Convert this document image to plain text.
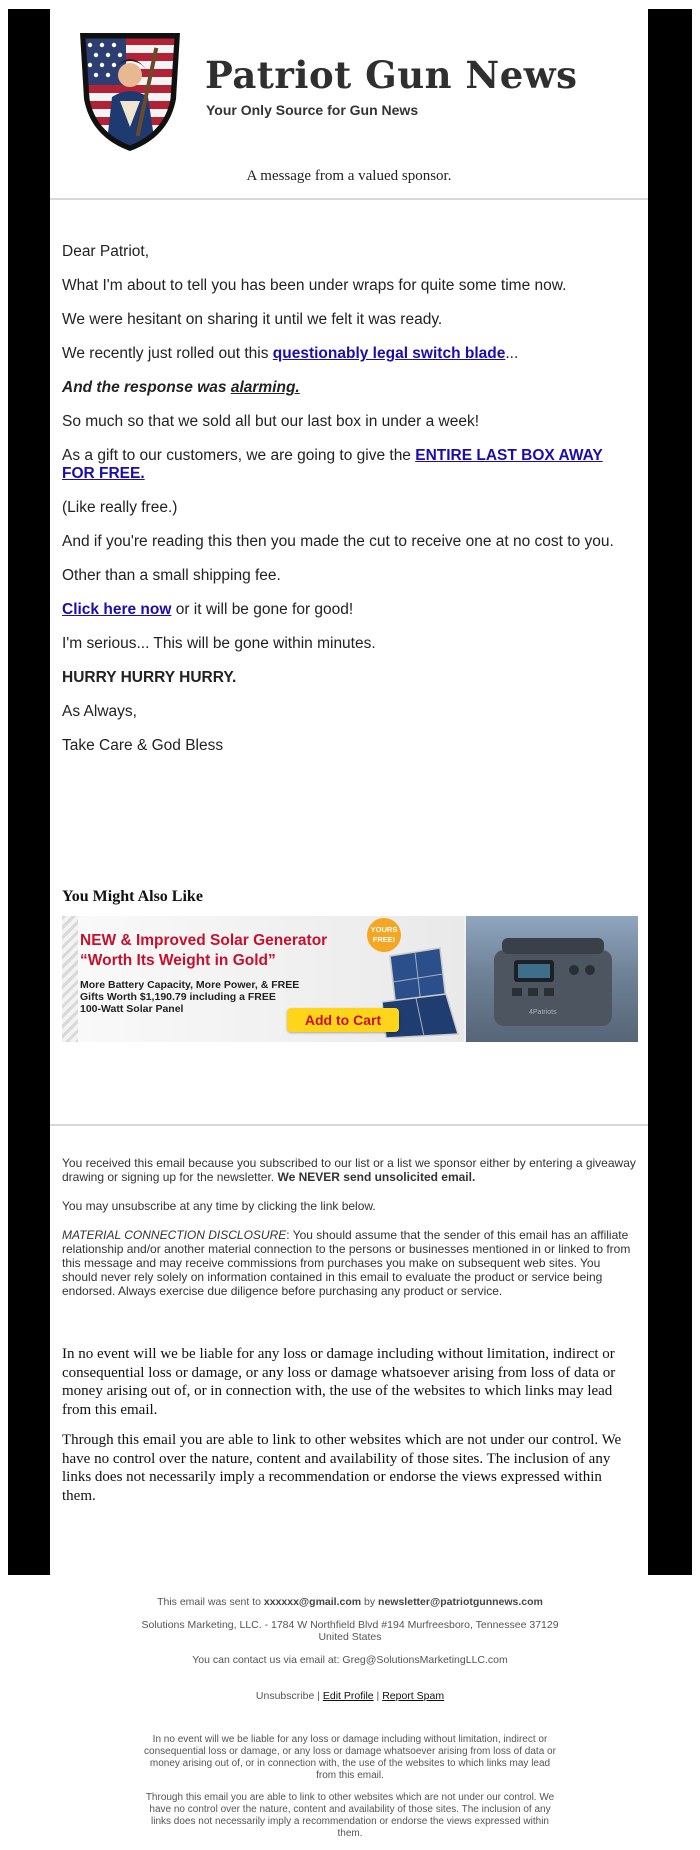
Patriot Gun News
Your Only Source for Gun News
A message from a valued sponsor.

Dear Patriot,

What I'm about to tell you has been under wraps for quite some time now.

We were hesitant on sharing it until we felt it was ready.

We recently just rolled out this questionably legal switch blade...

And the response was alarming.

So much so that we sold all but our last box in under a week!

As a gift to our customers, we are going to give the ENTIRE LAST BOX AWAY FOR FREE.

(Like really free.)

And if you're reading this then you made the cut to receive one at no cost to you.

Other than a small shipping fee.

Click here now or it will be gone for good!

I'm serious... This will be gone within minutes.

HURRY HURRY HURRY.

As Always,

Take Care & God Bless

You Might Also Like
NEW & Improved Solar Generator
“Worth Its Weight in Gold”
More Battery Capacity, More Power, & FREE
Gifts Worth $1,190.79 including a FREE
100-Watt Solar Panel
YOURS FREE!
Add to Cart	4Patriots

You received this email because you subscribed to our list or a list we sponsor either by entering a giveaway drawing or signing up for the newsletter. We NEVER send unsolicited email.

You may unsubscribe at any time by clicking the link below.

MATERIAL CONNECTION DISCLOSURE: You should assume that the sender of this email has an affiliate relationship and/or another material connection to the persons or businesses mentioned in or linked to from this message and may receive commissions from purchases you make on subsequent web sites. You should never rely solely on information contained in this email to evaluate the product or service being endorsed. Always exercise due diligence before purchasing any product or service.

In no event will we be liable for any loss or damage including without limitation, indirect or consequential loss or damage, or any loss or damage whatsoever arising from loss of data or money arising out of, or in connection with, the use of the websites to which links may lead from this email.

Through this email you are able to link to other websites which are not under our control. We have no control over the nature, content and availability of those sites. The inclusion of any links does not necessarily imply a recommendation or endorse the views expressed within them.

This email was sent to xxxxxx@gmail.com by newsletter@patriotgunnews.com

Solutions Marketing, LLC. - 1784 W Northfield Blvd #194 Murfreesboro, Tennessee 37129 United States

You can contact us via email at: Greg@SolutionsMarketingLLC.com

Unsubscribe | Edit Profile | Report Spam

In no event will we be liable for any loss or damage including without limitation, indirect or consequential loss or damage, or any loss or damage whatsoever arising from loss of data or money arising out of, or in connection with, the use of the websites to which links may lead from this email.

Through this email you are able to link to other websites which are not under our control. We have no control over the nature, content and availability of those sites. The inclusion of any links does not necessarily imply a recommendation or endorse the views expressed within them.
